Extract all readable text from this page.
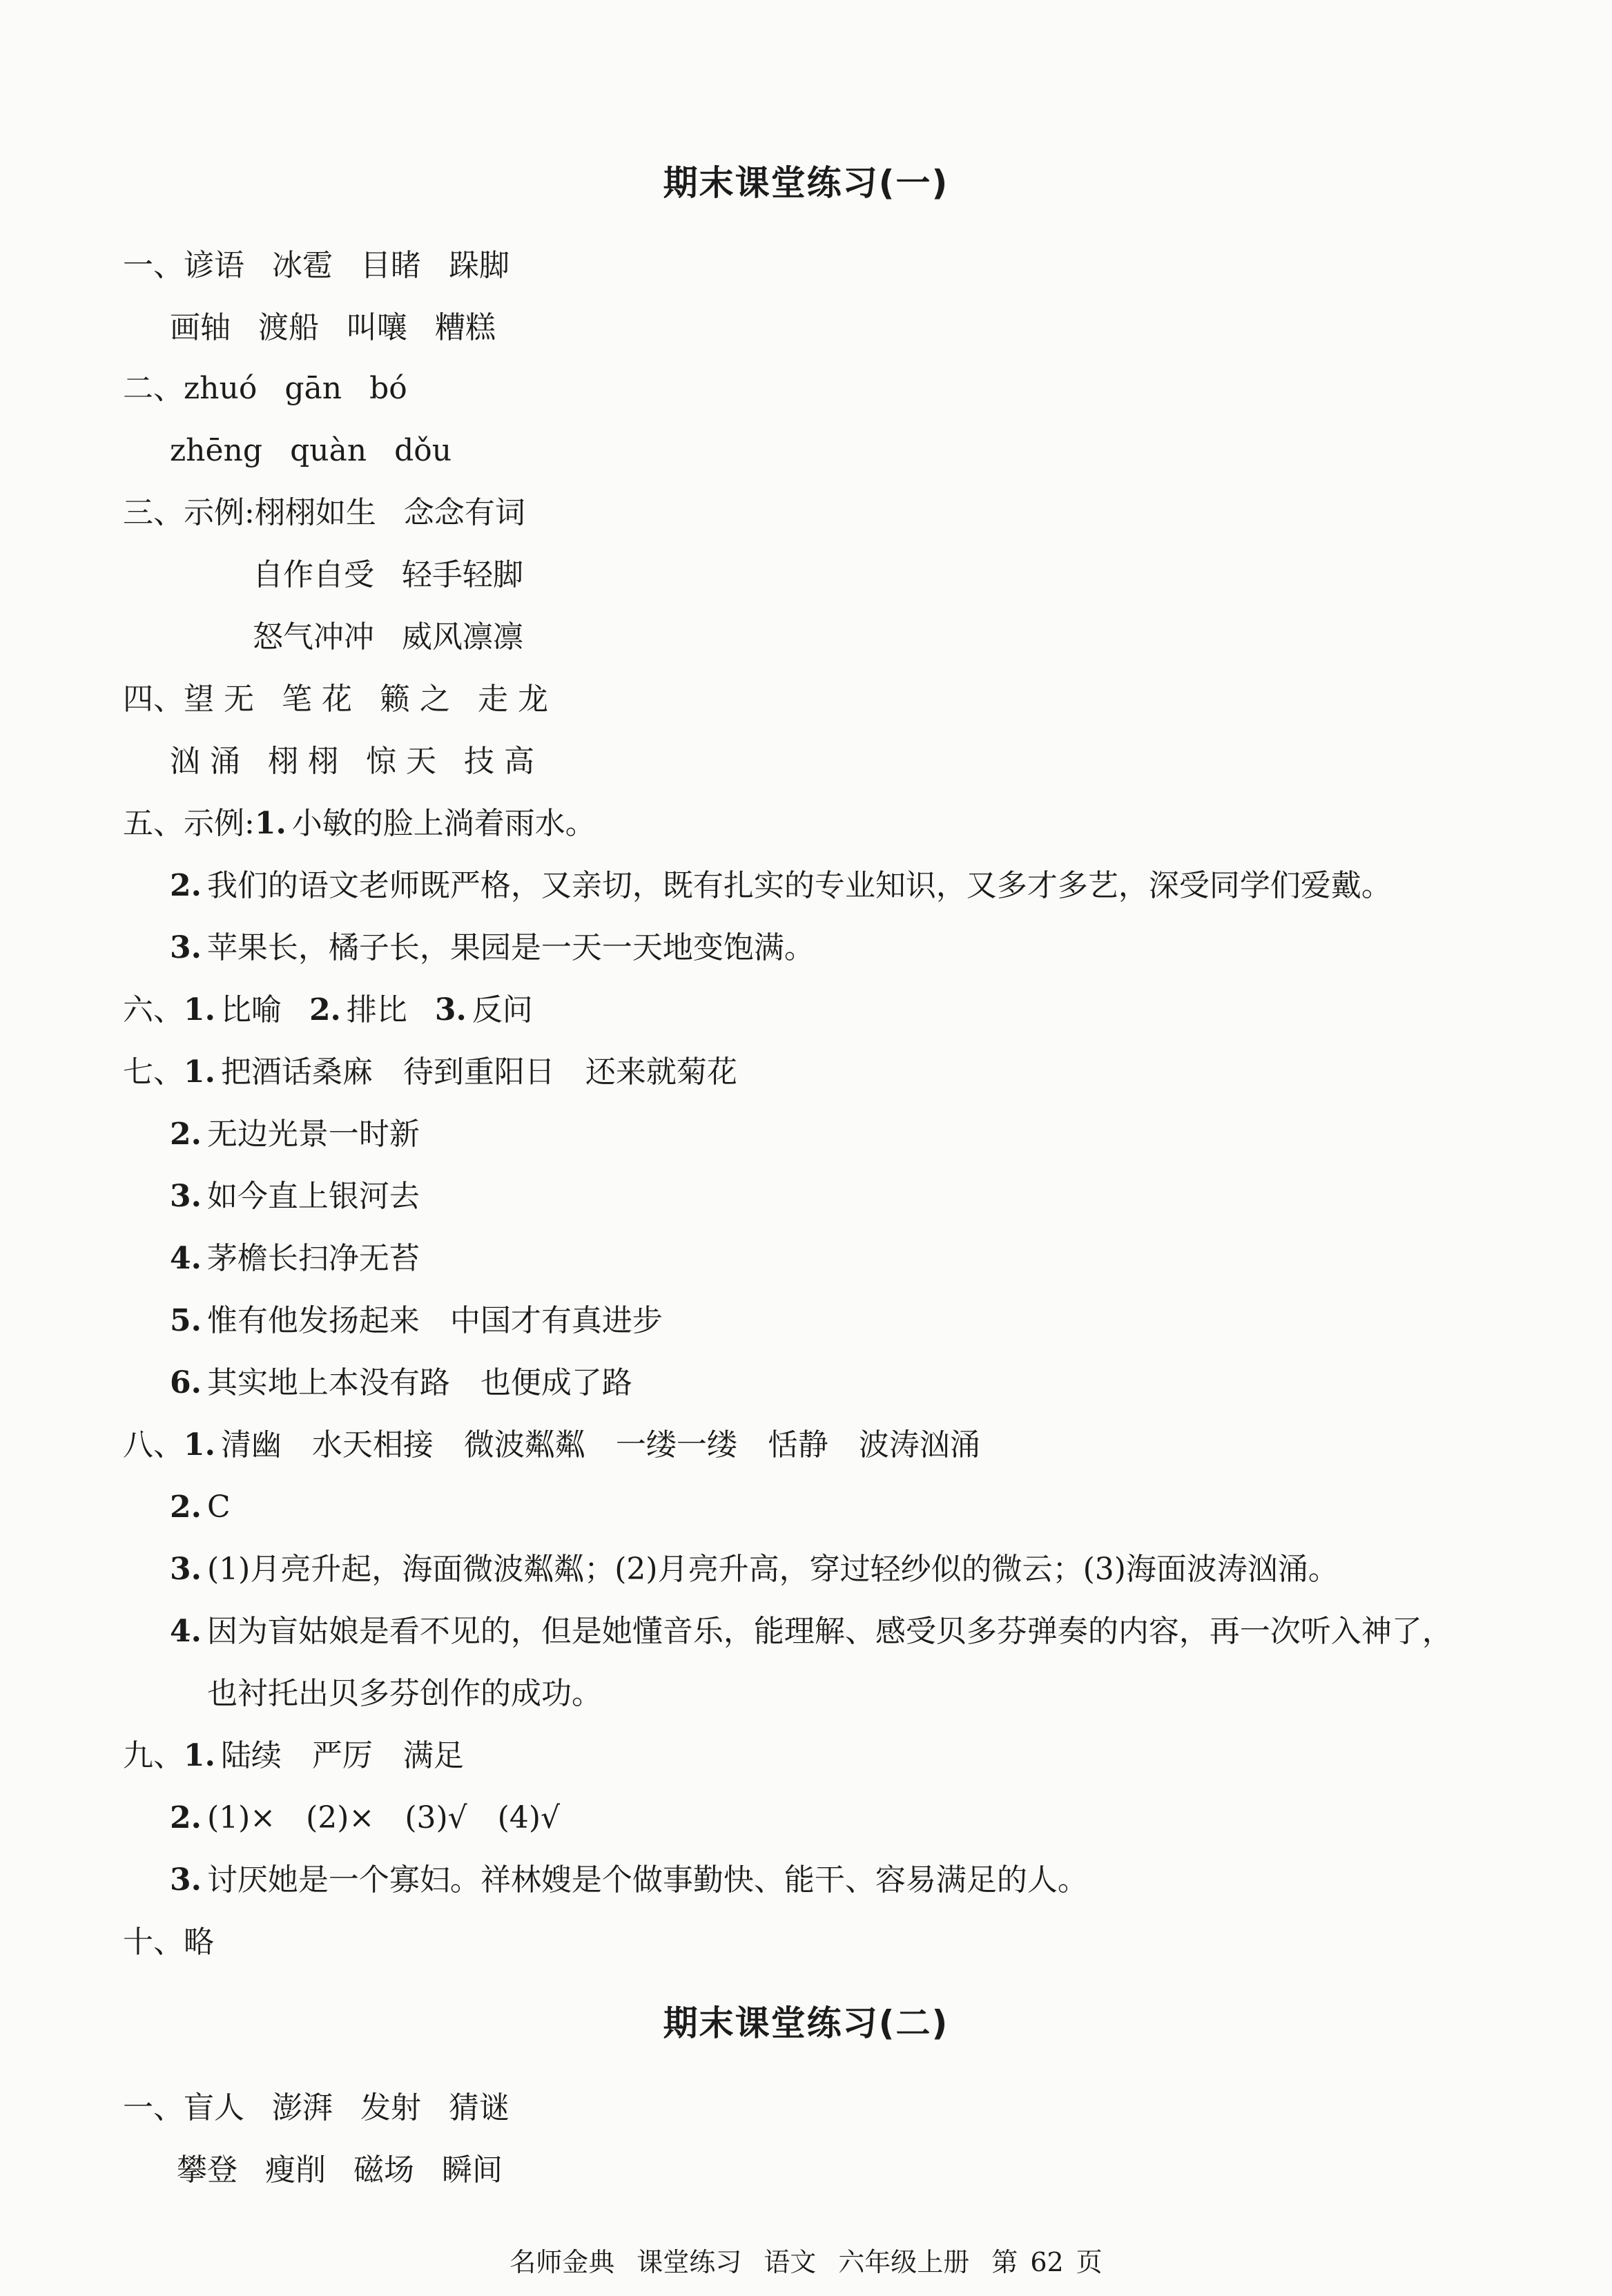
期末课堂练习(一)
一、谚语 冰雹 目睹 跺脚
画轴 渡船 叫嚷 糟糕
二、zhuó gān bó
zhēng quàn dǒu
三、示例:栩栩如生 念念有词
自作自受 轻手轻脚
怒气冲冲 威风凛凛
四、望 无 笔 花 籁 之 走 龙
汹 涌 栩 栩 惊 天 技 高
五、示例:1. 小敏的脸上淌着雨水。
2. 我们的语文老师既严格，又亲切，既有扎实的专业知识，又多才多艺，深受同学们爱戴。
3. 苹果长，橘子长，果园是一天一天地变饱满。
六、1. 比喻 2. 排比 3. 反问
七、1. 把酒话桑麻　待到重阳日　还来就菊花
2. 无边光景一时新
3. 如今直上银河去
4. 茅檐长扫净无苔
5. 惟有他发扬起来　中国才有真进步
6. 其实地上本没有路　也便成了路
八、1. 清幽　水天相接　微波粼粼　一缕一缕　恬静　波涛汹涌
2. C
3. (1)月亮升起，海面微波粼粼；(2)月亮升高，穿过轻纱似的微云；(3)海面波涛汹涌。
4. 因为盲姑娘是看不见的，但是她懂音乐，能理解、感受贝多芬弹奏的内容，再一次听入神了，
也衬托出贝多芬创作的成功。
九、1. 陆续　严厉　满足
2. (1)×　(2)×　(3)√　(4)√
3. 讨厌她是一个寡妇。祥林嫂是个做事勤快、能干、容易满足的人。
十、略
期末课堂练习(二)
一、盲人 澎湃 发射 猜谜
攀登 瘦削 磁场 瞬间
名师金典 课堂练习 语文 六年级上册 第 62 页
